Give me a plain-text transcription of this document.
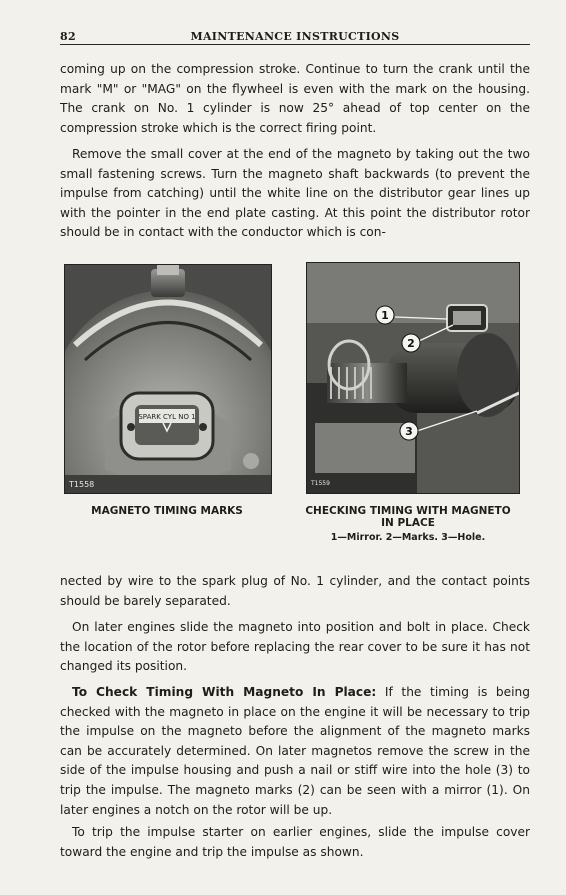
82	MAINTENANCE INSTRUCTIONS

coming up on the compression stroke. Continue to turn the crank until the mark "M" or "MAG" on the flywheel is even with the mark on the housing. The crank on No. 1 cylinder is now 25° ahead of top center on the compression stroke which is the correct firing point.

Remove the small cover at the end of the magneto by taking out the two small fastening screws. Turn the magneto shaft backwards (to prevent the impulse from catching) until the white line on the distributor gear lines up with the pointer in the end plate casting. At this point the distributor rotor should be in contact with the conductor which is con-

SPARK CYL NO 1
T1558
1
2
3
T1559
MAGNETO TIMING MARKS	CHECKING TIMING WITH MAGNETO
IN PLACE
1—Mirror. 2—Marks. 3—Hole.

nected by wire to the spark plug of No. 1 cylinder, and the contact points should be barely separated.

On later engines slide the magneto into position and bolt in place. Check the location of the rotor before replacing the rear cover to be sure it has not changed its position.

To Check Timing With Magneto In Place: If the timing is being checked with the magneto in place on the engine it will be necessary to trip the impulse on the magneto before the alignment of the magneto marks can be accurately determined. On later magnetos remove the screw in the side of the impulse housing and push a nail or stiff wire into the hole (3) to trip the impulse. The magneto marks (2) can be seen with a mirror (1). On later engines a notch on the rotor will be up.

To trip the impulse starter on earlier engines, slide the impulse cover toward the engine and trip the impulse as shown.
